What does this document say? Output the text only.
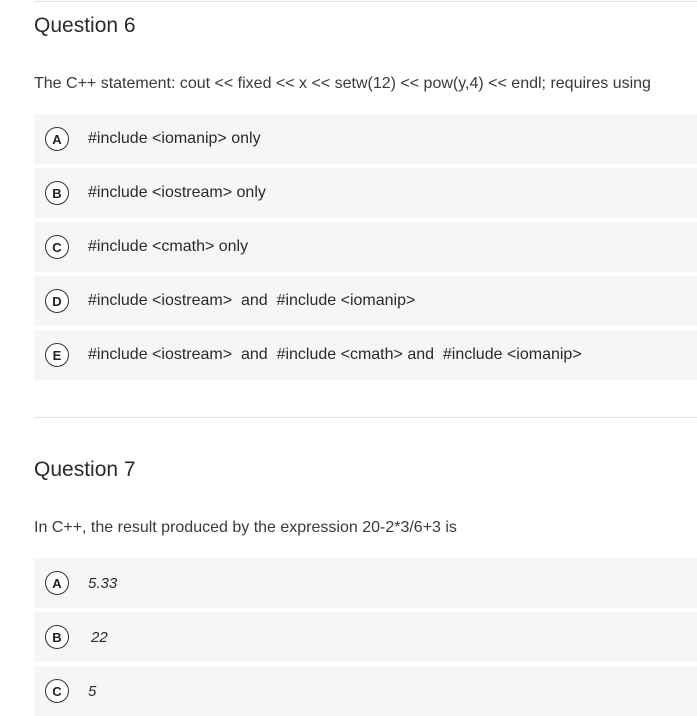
Question 6
The C++ statement: cout << fixed << x << setw(12) << pow(y,4) << endl; requires using
A	#include <iomanip> only
B	#include <iostream> only
C	#include <cmath> only
D	#include <iostream>  and  #include <iomanip>
E	#include <iostream>  and  #include <cmath> and  #include <iomanip>
Question 7
In C++, the result produced by the expression 20-2*3/6+3 is
A	5.33
B	22
C	5
